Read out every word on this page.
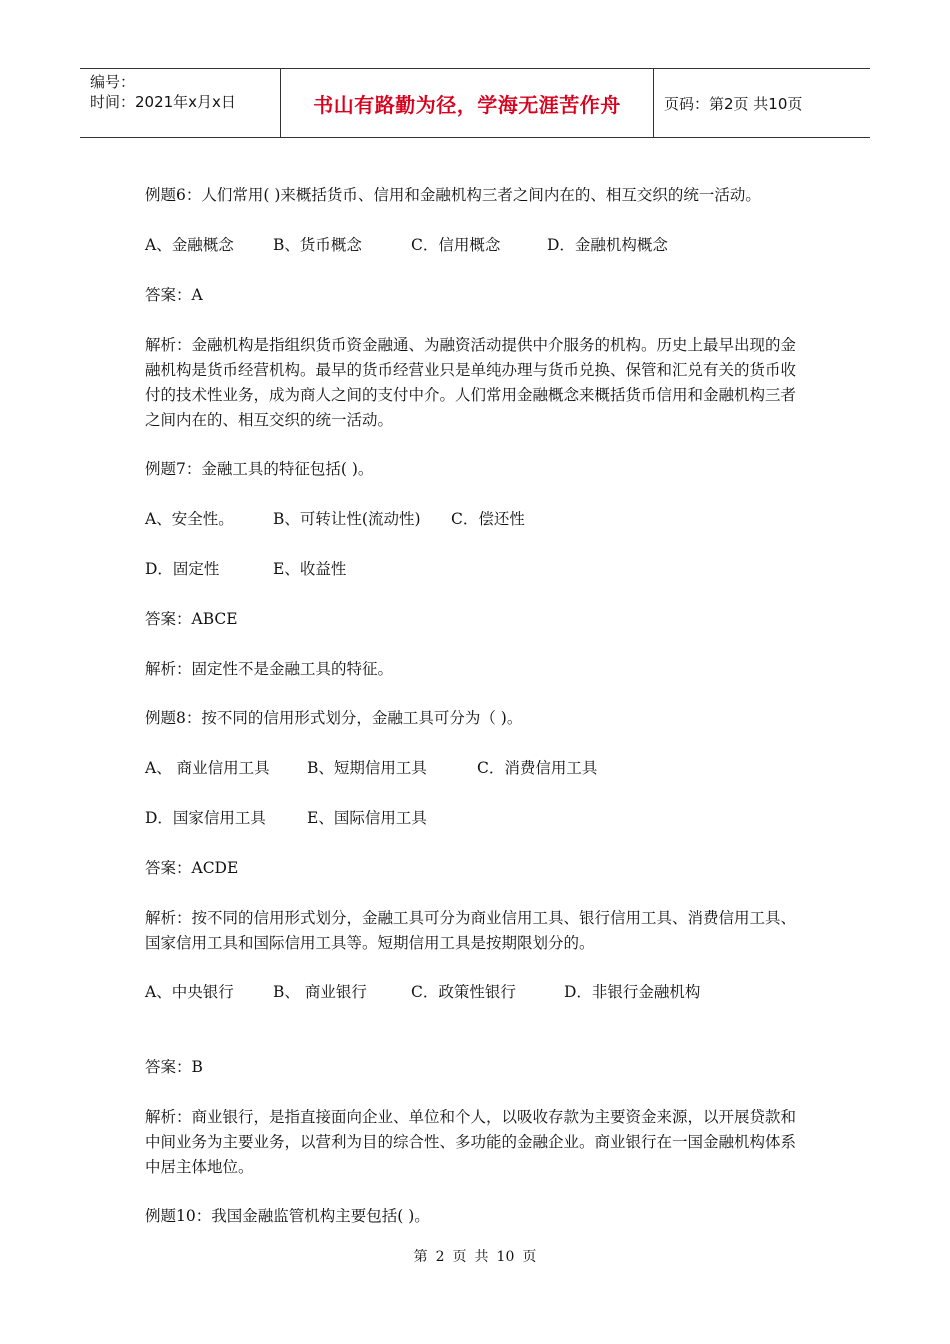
编号：
时间：2021年x月x日	书山有路勤为径，学海无涯苦作舟	页码：第2页 共10页
例题6：人们常用( )来概括货币、信用和金融机构三者之间内在的、相互交织的统一活动。
A、金融概念	B、货币概念	C．信用概念	D．金融机构概念
答案：A
解析：金融机构是指组织货币资金融通、为融资活动提供中介服务的机构。历史上最早出现的金融机构是货币经营机构。最早的货币经营业只是单纯办理与货币兑换、保管和汇兑有关的货币收付的技术性业务，成为商人之间的支付中介。人们常用金融概念来概括货币信用和金融机构三者之间内在的、相互交织的统一活动。
例题7：金融工具的特征包括( )。
A、安全性。	B、可转让性(流动性) C．偿还性
D．固定性	E、收益性
答案：ABCE
解析：固定性不是金融工具的特征。
例题8：按不同的信用形式划分，金融工具可分为（ )。
A、 商业信用工具 B、短期信用工具	C．消费信用工具
D．国家信用工具	E、国际信用工具
答案：ACDE
解析：按不同的信用形式划分，金融工具可分为商业信用工具、银行信用工具、消费信用工具、国家信用工具和国际信用工具等。短期信用工具是按期限划分的。
A、中央银行	B、 商业银行	C．政策性银行	D．非银行金融机构
答案：B
解析：商业银行，是指直接面向企业、单位和个人，以吸收存款为主要资金来源，以开展贷款和中间业务为主要业务，以营利为目的综合性、多功能的金融企业。商业银行在一国金融机构体系中居主体地位。
例题10：我国金融监管机构主要包括( )。
第 2 页 共 10 页
